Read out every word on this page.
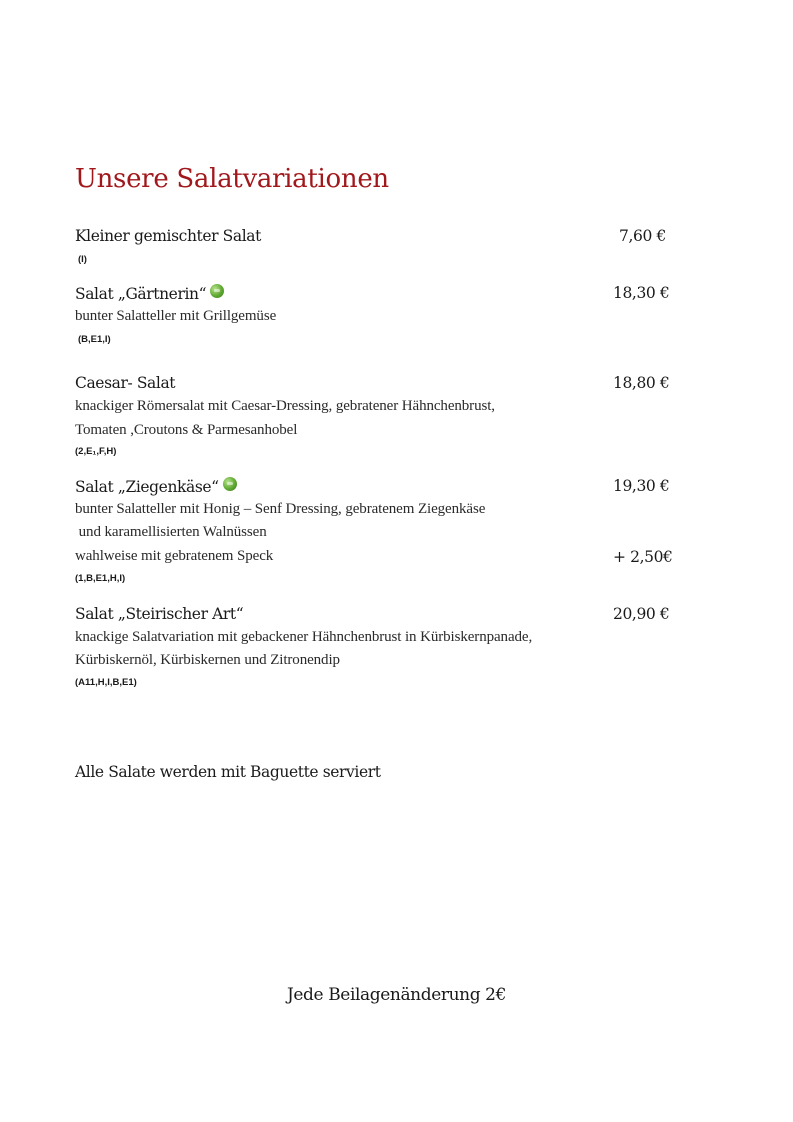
Unsere Salatvariationen
Kleiner gemischter Salat	7,60 €
(I)
Salat „Gärtnerin“	18,30 €
bunter Salatteller mit Grillgemüse
(B,E1,I)
Caesar- Salat	18,80 €
knackiger Römersalat mit Caesar-Dressing, gebratener Hähnchenbrust,
Tomaten ,Croutons & Parmesanhobel
(2,E₁,F,H)
Salat „Ziegenkäse“	19,30 €
bunter Salatteller mit Honig – Senf Dressing, gebratenem Ziegenkäse
und karamellisierten Walnüssen
wahlweise mit gebratenem Speck	+ 2,50€
(1,B,E1,H,I)
Salat „Steirischer Art“	20,90 €
knackige Salatvariation mit gebackener Hähnchenbrust in Kürbiskernpanade,
Kürbiskernöl, Kürbiskernen und Zitronendip
(A11,H,I,B,E1)
Alle Salate werden mit Baguette serviert
Jede Beilagenänderung 2€
